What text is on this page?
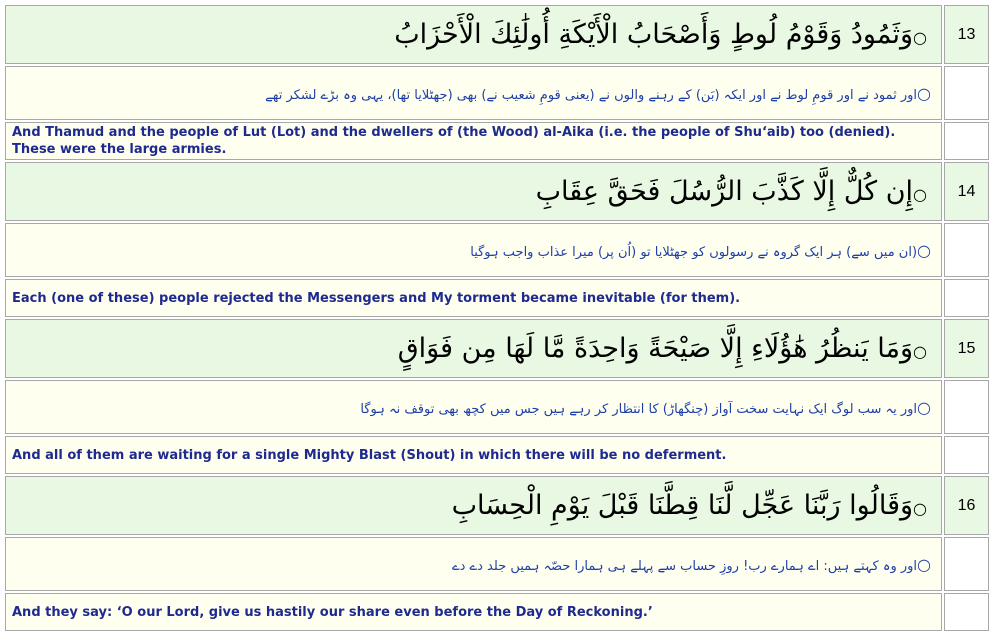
○وَثَمُودُ وَقَوْمُ لُوطٍ وَأَصْحَابُ الْأَيْكَةِ أُولَٰئِكَ الْأَحْزَابُ	13
○اور ثمود نے اور قومِ لوط نے اور ایکہ (بَن) کے رہنے والوں نے (یعنی قومِ شعیب نے) بھی (جھٹلایا تھا)، یہی وہ بڑے لشکر تھے	
And Thamud and the people of Lut (Lot) and the dwellers of (the Wood) al-Aika (i.e. the people of Shu‘aib) too (denied). These were the large armies.	
○إِن كُلٌّ إِلَّا كَذَّبَ الرُّسُلَ فَحَقَّ عِقَابِ	14
○(ان میں سے) ہر ایک گروہ نے رسولوں کو جھٹلایا تو (اُن پر) میرا عذاب واجب ہوگیا	
Each (one of these) people rejected the Messengers and My torment became inevitable (for them).	
○وَمَا يَنظُرُ هَٰؤُلَاءِ إِلَّا صَيْحَةً وَاحِدَةً مَّا لَهَا مِن فَوَاقٍ	15
○اور یہ سب لوگ ایک نہایت سخت آواز (چنگھاڑ) کا انتظار کر رہے ہیں جس میں کچھ بھی توقف نہ ہوگا	
And all of them are waiting for a single Mighty Blast (Shout) in which there will be no deferment.	
○وَقَالُوا رَبَّنَا عَجِّل لَّنَا قِطَّنَا قَبْلَ يَوْمِ الْحِسَابِ	16
○اور وہ کہتے ہیں: اے ہمارے رب! روزِ حساب سے پہلے ہی ہمارا حصّہ ہمیں جلد دے دے	
And they say: ‘O our Lord, give us hastily our share even before the Day of Reckoning.’	
